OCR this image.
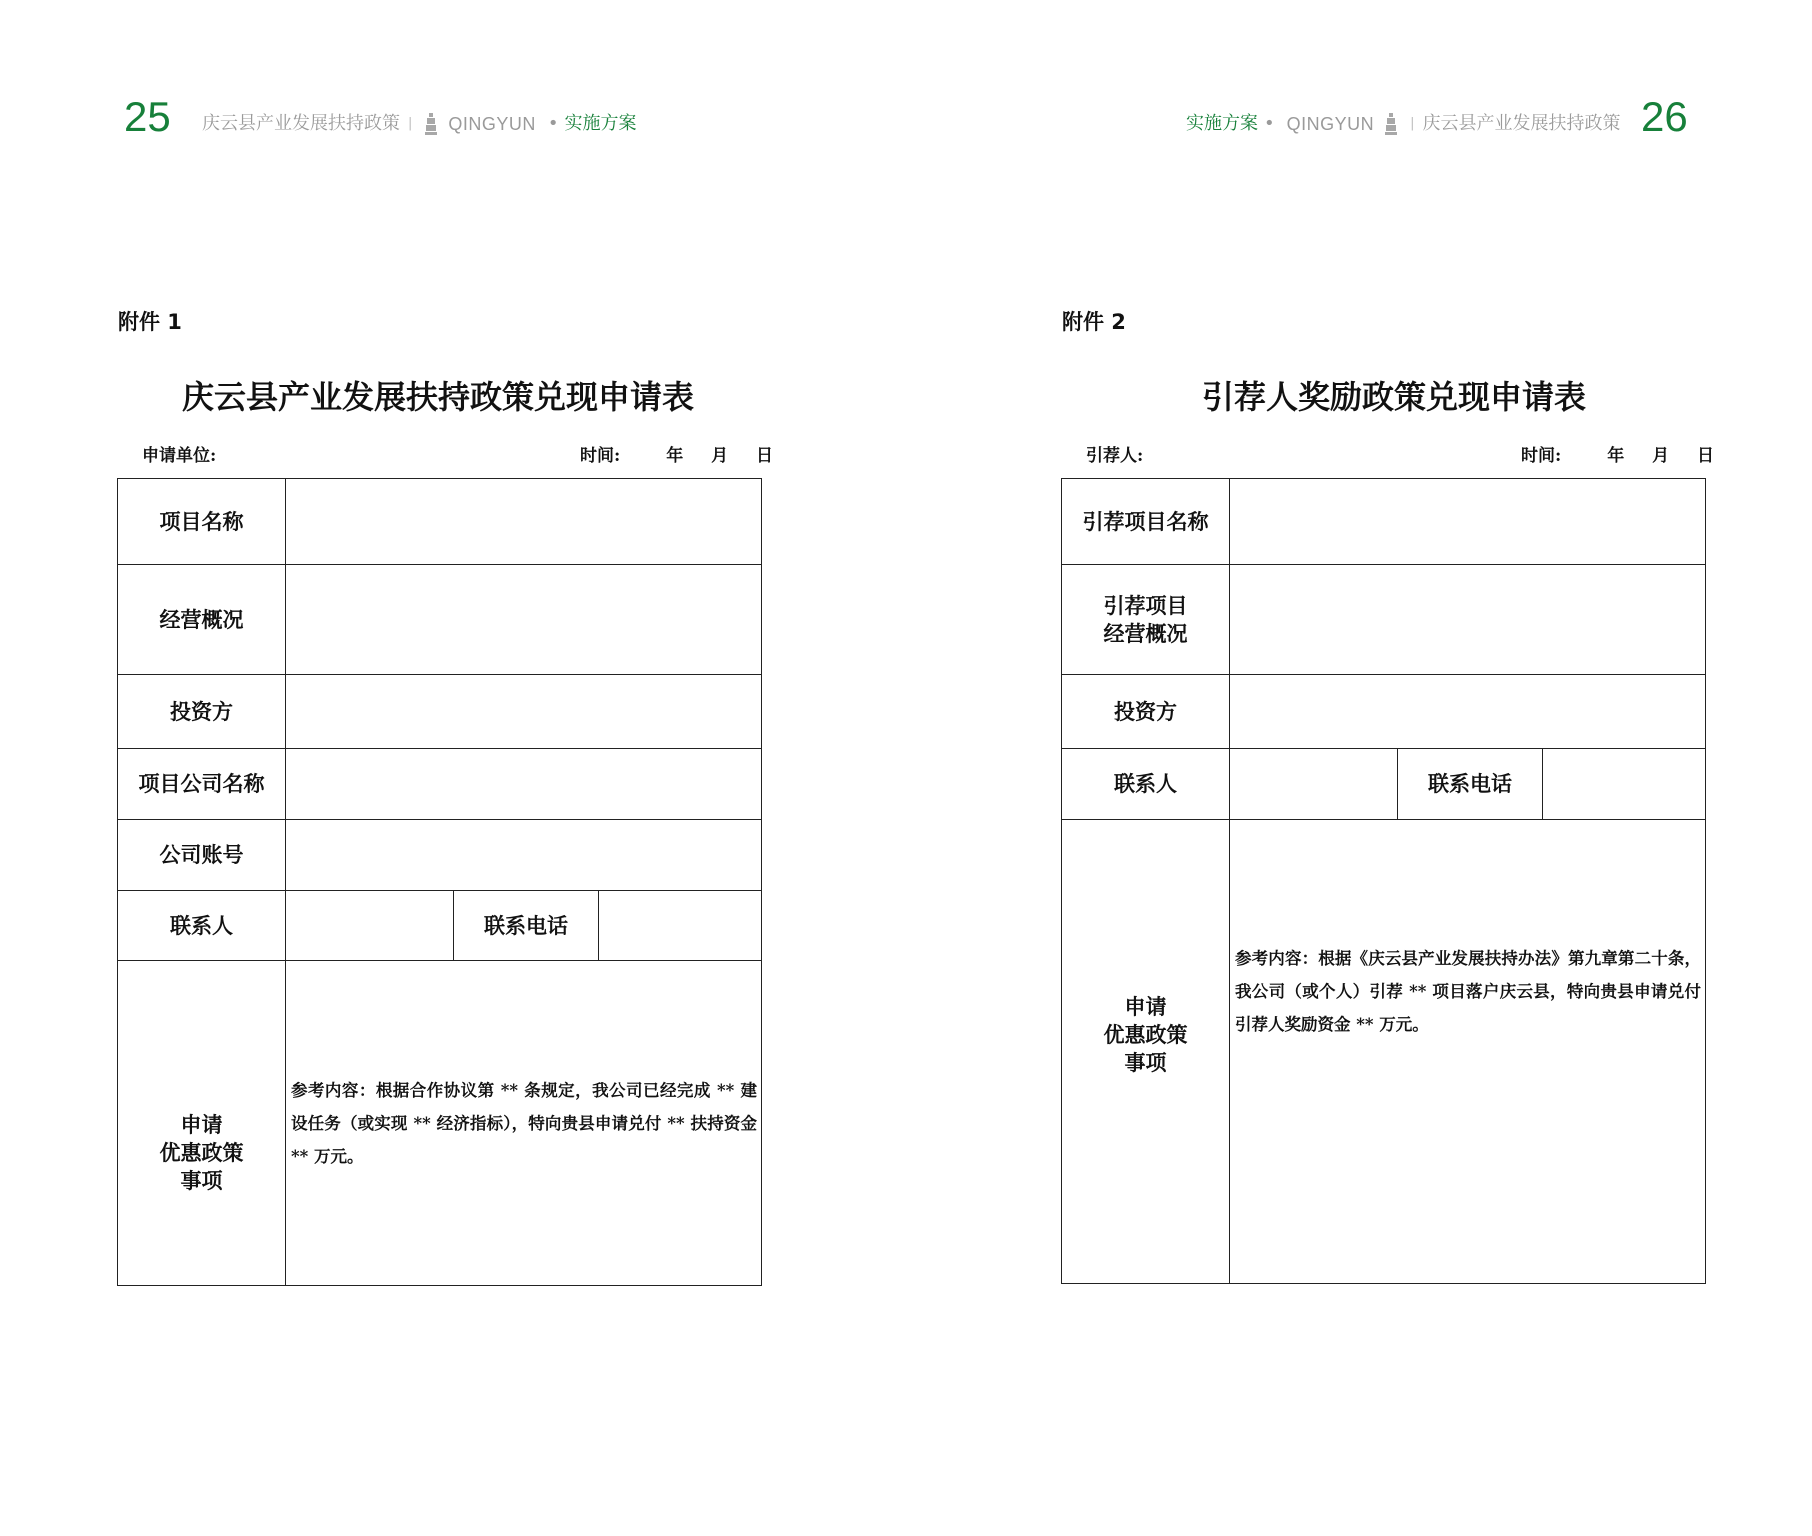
25 庆云县产业发展扶持政策 | QINGYUN • 实施方案
附件 1
庆云县产业发展扶持政策兑现申请表
申请单位:	时间:	年 月 日
项目名称			
经营概况			
投资方			
项目公司名称			
公司账号			
联系人		联系电话	

申请
优惠政策
事项	参考内容：根据合作协议第 ** 条规定，我公司已经完成 ** 建设任务（或实现 ** 经济指标），特向贵县申请兑付 ** 扶持资金 ** 万元。		
实施方案 • QINGYUN	| 庆云县产业发展扶持政策 26
附件 2
引荐人奖励政策兑现申请表
引荐人:	时间:	年 月 日
引荐项目名称			

引荐项目
经营概况			

投资方			
联系人		联系电话	

申请
优惠政策
事项	参考内容：根据《庆云县产业发展扶持办法》第九章第二十条，我公司（或个人）引荐 ** 项目落户庆云县，特向贵县申请兑付引荐人奖励资金 ** 万元。		
